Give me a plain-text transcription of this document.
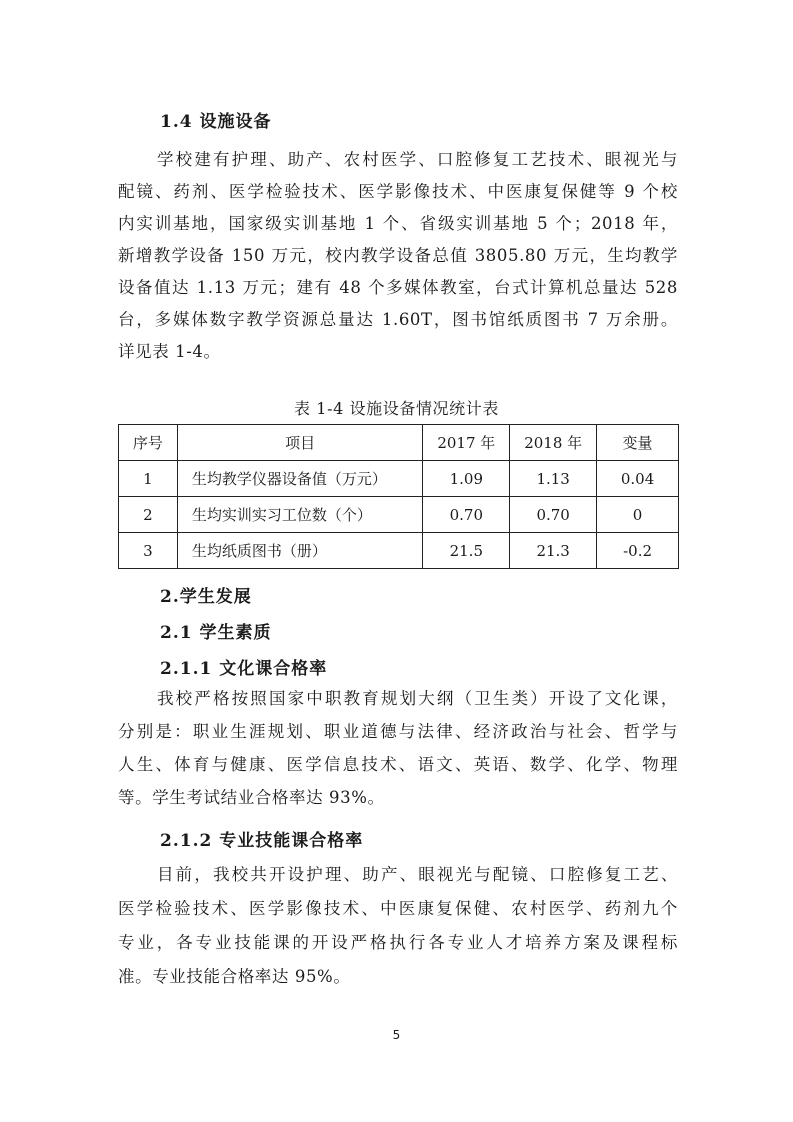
1.4 设施设备
学校建有护理、助产、农村医学、口腔修复工艺技术、眼视光与
配镜、药剂、医学检验技术、医学影像技术、中医康复保健等 9 个校
内实训基地，国家级实训基地 1 个、省级实训基地 5 个；2018 年，
新增教学设备 150 万元，校内教学设备总值 3805.80 万元，生均教学
设备值达 1.13 万元；建有 48 个多媒体教室，台式计算机总量达 528
台，多媒体数字教学资源总量达 1.60T，图书馆纸质图书 7 万余册。
详见表 1-4。
表 1-4 设施设备情况统计表
序号	项目	2017 年	2018 年	变量
1	生均教学仪器设备值（万元）	1.09	1.13	0.04
2	生均实训实习工位数（个）	0.70	0.70	0
3	生均纸质图书（册）	21.5	21.3	-0.2
2.学生发展
2.1 学生素质
2.1.1 文化课合格率
我校严格按照国家中职教育规划大纲（卫生类）开设了文化课，
分别是：职业生涯规划、职业道德与法律、经济政治与社会、哲学与
人生、体育与健康、医学信息技术、语文、英语、数学、化学、物理
等。学生考试结业合格率达 93%。
2.1.2 专业技能课合格率
目前，我校共开设护理、助产、眼视光与配镜、口腔修复工艺、
医学检验技术、医学影像技术、中医康复保健、农村医学、药剂九个
专业，各专业技能课的开设严格执行各专业人才培养方案及课程标
准。专业技能合格率达 95%。
5
